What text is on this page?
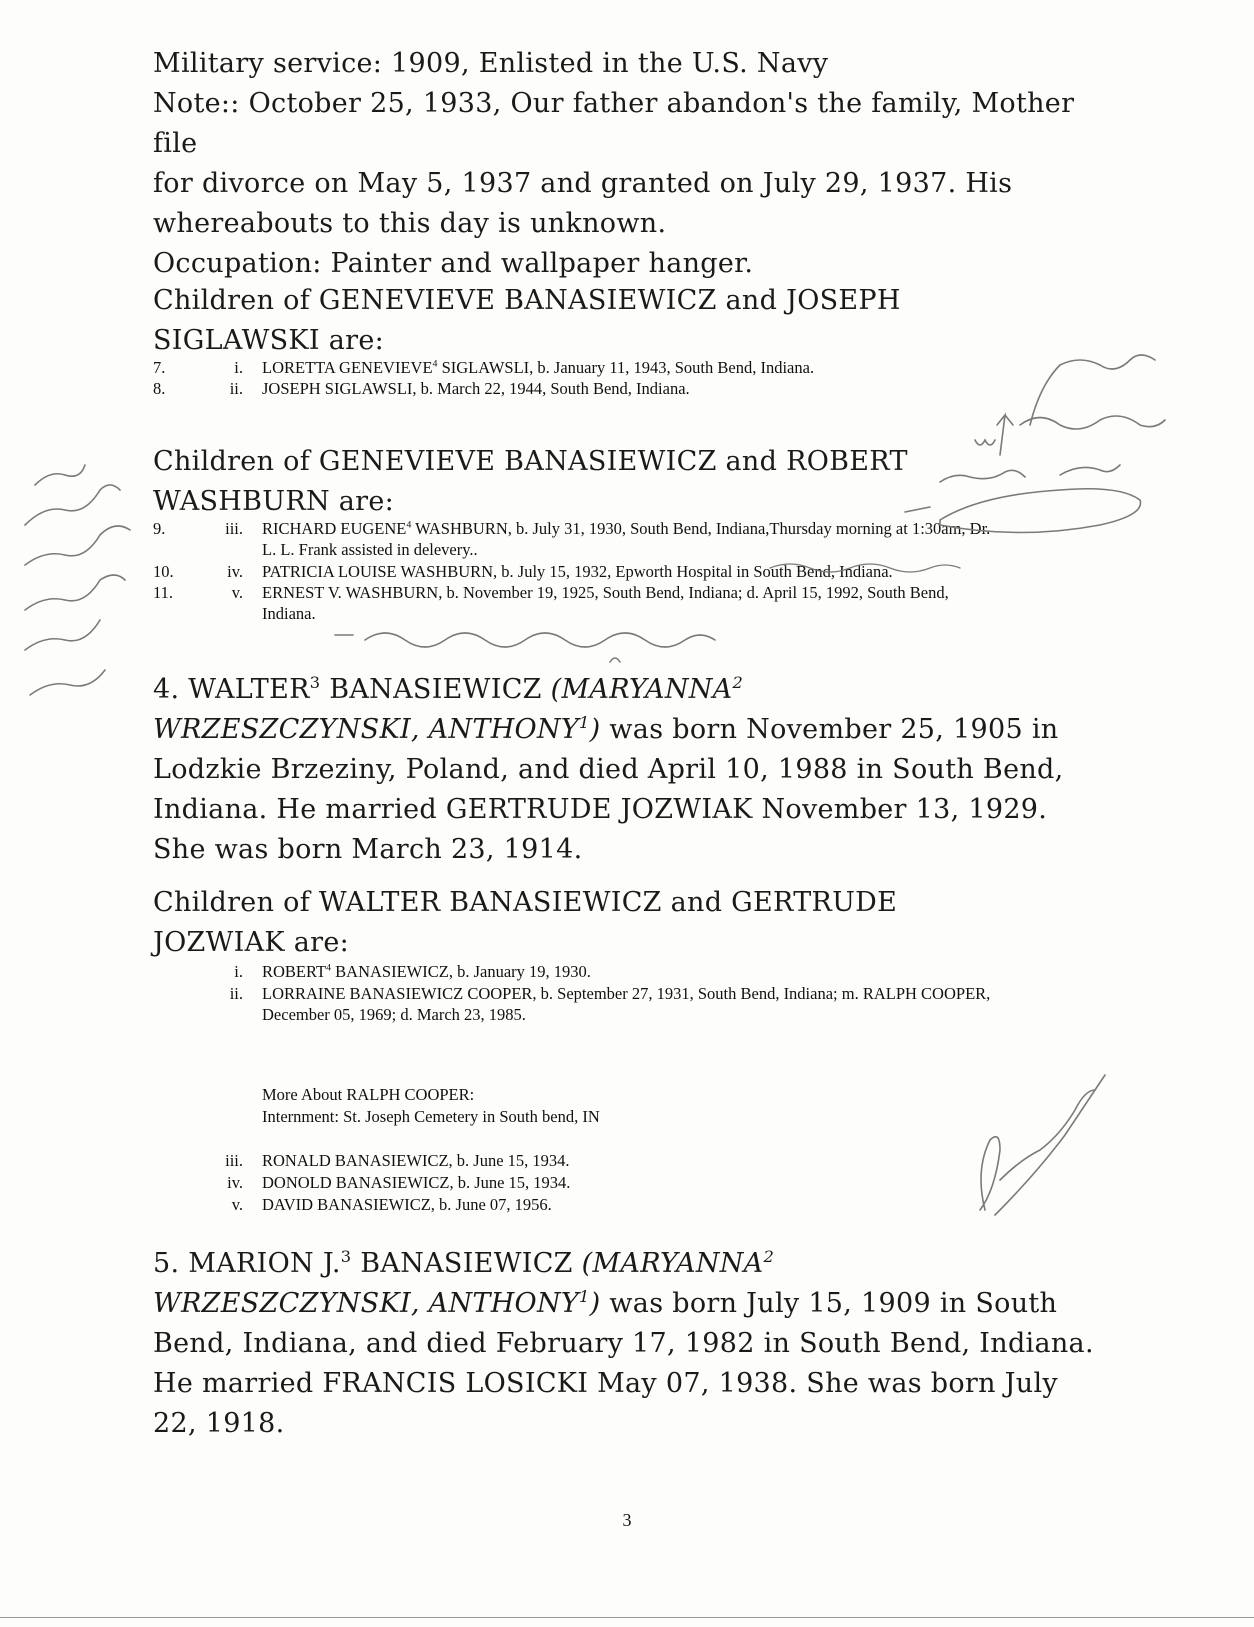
Military service: 1909, Enlisted in the U.S. Navy
Note:: October 25, 1933, Our father abandon's the family, Mother file
for divorce on May 5, 1937 and granted on July 29, 1937. His
whereabouts to this day is unknown.
Occupation: Painter and wallpaper hanger.
Children of GENEVIEVE BANASIEWICZ and JOSEPH
SIGLAWSKI are:
7.	i. LORETTA GENEVIEVE$^4$ SIGLAWSLI, b. January 11, 1943, South Bend, Indiana.
8.	ii. JOSEPH SIGLAWSLI, b. March 22, 1944, South Bend, Indiana.
Children of GENEVIEVE BANASIEWICZ and ROBERT
WASHBURN are:
9.	iii. RICHARD EUGENE$^4$ WASHBURN, b. July 31, 1930, South Bend, Indiana,Thursday morning at 1:30am, Dr.
L. L. Frank assisted in delevery..
10.	iv. PATRICIA LOUISE WASHBURN, b. July 15, 1932, Epworth Hospital in South Bend, Indiana.
11.	v. ERNEST V. WASHBURN, b. November 19, 1925, South Bend, Indiana; d. April 15, 1992, South Bend,
Indiana.
4. WALTER$^3$ BANASIEWICZ (MARYANNA$^2$
WRZESZCZYNSKI, ANTHONY$^1$) was born November 25, 1905 in
Lodzkie Brzeziny, Poland, and died April 10, 1988 in South Bend,
Indiana. He married GERTRUDE JOZWIAK November 13, 1929.
She was born March 23, 1914.
Children of WALTER BANASIEWICZ and GERTRUDE
JOZWIAK are:
i. ROBERT$^4$ BANASIEWICZ, b. January 19, 1930.
ii. LORRAINE BANASIEWICZ COOPER, b. September 27, 1931, South Bend, Indiana; m. RALPH COOPER,
December 05, 1969; d. March 23, 1985.
More About RALPH COOPER:
Internment: St. Joseph Cemetery in South bend, IN
iii. RONALD BANASIEWICZ, b. June 15, 1934.
iv. DONOLD BANASIEWICZ, b. June 15, 1934.
v. DAVID BANASIEWICZ, b. June 07, 1956.
5. MARION J.$^3$ BANASIEWICZ (MARYANNA$^2$
WRZESZCZYNSKI, ANTHONY$^1$) was born July 15, 1909 in South
Bend, Indiana, and died February 17, 1982 in South Bend, Indiana.
He married FRANCIS LOSICKI May 07, 1938. She was born July
22, 1918.
3
